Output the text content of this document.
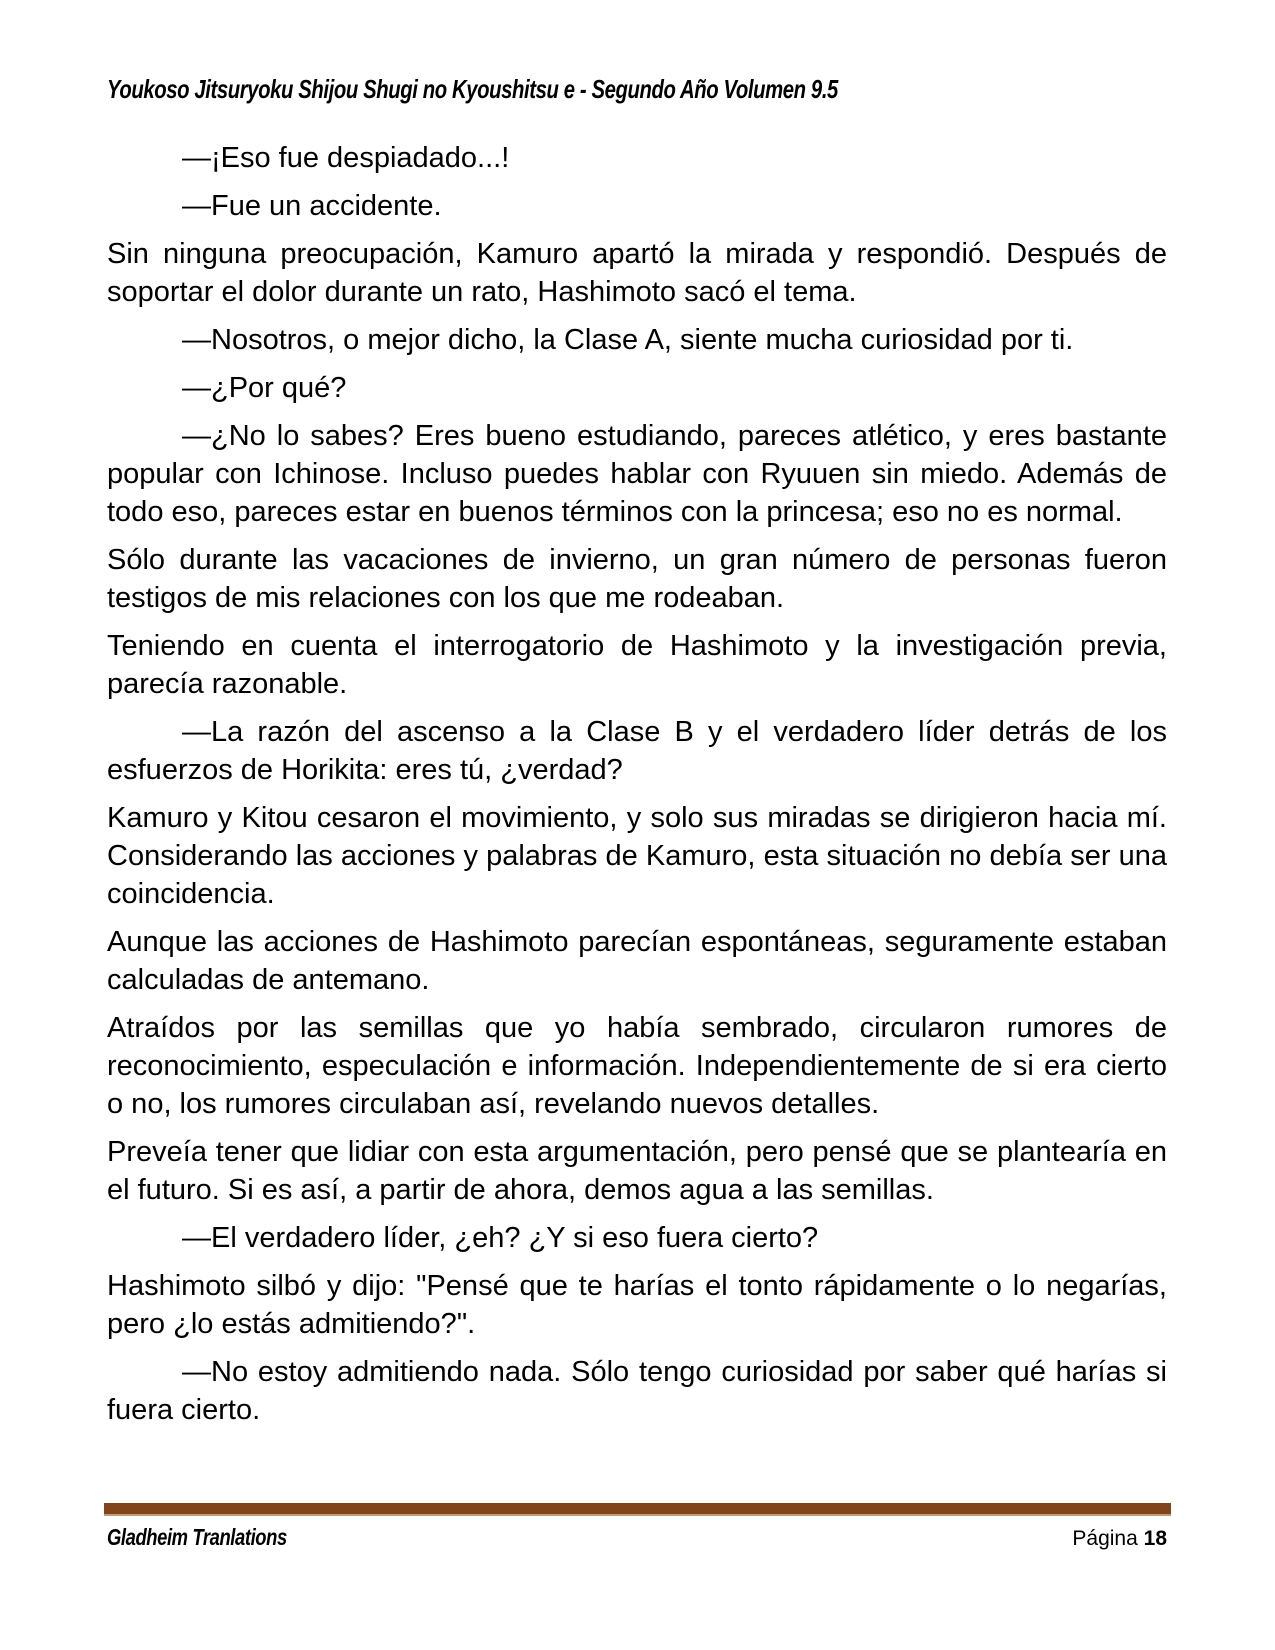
Youkoso Jitsuryoku Shijou Shugi no Kyoushitsu e - Segundo Año Volumen 9.5

—¡Eso fue despiadado...!

—Fue un accidente.

Sin ninguna preocupación, Kamuro apartó la mirada y respondió. Después de soportar el dolor durante un rato, Hashimoto sacó el tema.

—Nosotros, o mejor dicho, la Clase A, siente mucha curiosidad por ti.

—¿Por qué?

—¿No lo sabes? Eres bueno estudiando, pareces atlético, y eres bastante popular con Ichinose. Incluso puedes hablar con Ryuuen sin miedo. Además de todo eso, pareces estar en buenos términos con la princesa; eso no es normal.

Sólo durante las vacaciones de invierno, un gran número de personas fueron testigos de mis relaciones con los que me rodeaban.

Teniendo en cuenta el interrogatorio de Hashimoto y la investigación previa, parecía razonable.

—La razón del ascenso a la Clase B y el verdadero líder detrás de los esfuerzos de Horikita: eres tú, ¿verdad?

Kamuro y Kitou cesaron el movimiento, y solo sus miradas se dirigieron hacia mí. Considerando las acciones y palabras de Kamuro, esta situación no debía ser una coincidencia.

Aunque las acciones de Hashimoto parecían espontáneas, seguramente estaban calculadas de antemano.

Atraídos por las semillas que yo había sembrado, circularon rumores de reconocimiento, especulación e información. Independientemente de si era cierto o no, los rumores circulaban así, revelando nuevos detalles.

Preveía tener que lidiar con esta argumentación, pero pensé que se plantearía en el futuro. Si es así, a partir de ahora, demos agua a las semillas.

—El verdadero líder, ¿eh? ¿Y si eso fuera cierto?

Hashimoto silbó y dijo: "Pensé que te harías el tonto rápidamente o lo negarías, pero ¿lo estás admitiendo?".

—No estoy admitiendo nada. Sólo tengo curiosidad por saber qué harías si fuera cierto.

Gladheim Tranlations	Página 18
